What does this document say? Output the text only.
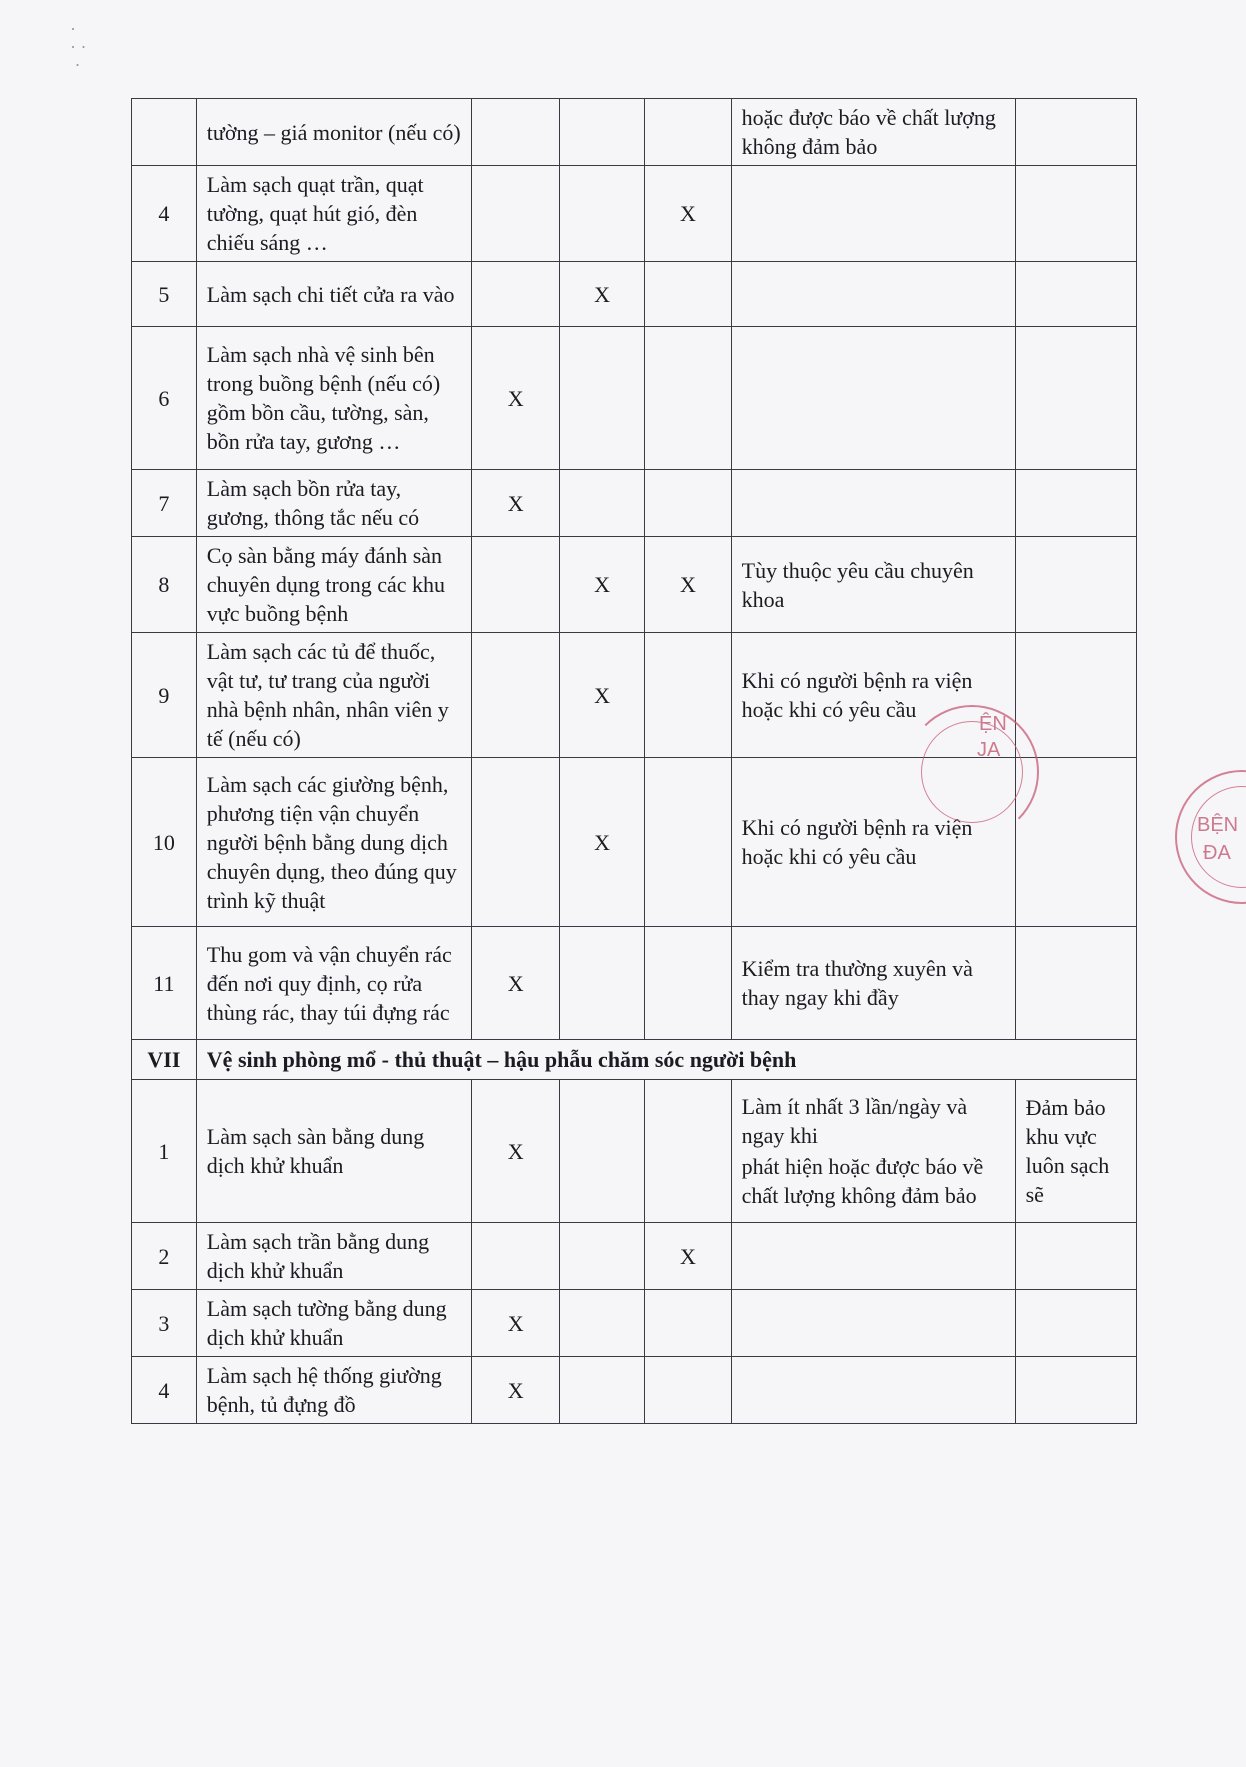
·
· ·
·
	tường – giá monitor (nếu có)				hoặc được báo về chất lượng không đảm bảo	

4	Làm sạch quạt trần, quạt tường, quạt hút gió, đèn chiếu sáng …			X		
5	Làm sạch chi tiết cửa ra vào		X			
6	Làm sạch nhà vệ sinh bên trong buồng bệnh (nếu có) gồm bồn cầu, tường, sàn, bồn rửa tay, gương …	X				
7	Làm sạch bồn rửa tay, gương, thông tắc nếu có	X				
8	Cọ sàn bằng máy đánh sàn chuyên dụng trong các khu vực buồng bệnh		X	X	Tùy thuộc yêu cầu chuyên khoa	

9	Làm sạch các tủ để thuốc, vật tư, tư trang của người nhà bệnh nhân, nhân viên y tế (nếu có)		X		Khi có người bệnh ra viện hoặc khi có yêu cầu	

10	Làm sạch các giường bệnh, phương tiện vận chuyển người bệnh bằng dung dịch chuyên dụng, theo đúng quy trình kỹ thuật		X		Khi có người bệnh ra viện hoặc khi có yêu cầu	

11	Thu gom và vận chuyển rác đến nơi quy định, cọ rửa thùng rác, thay túi đựng rác	X			Kiểm tra thường xuyên và thay ngay khi đầy	

VII	Vệ sinh phòng mổ - thủ thuật – hậu phẫu chăm sóc người bệnh					
1	Làm sạch sàn bằng dung dịch khử khuẩn	X			Làm ít nhất 3 lần/ngày và ngay khi
phát hiện hoặc được báo về chất lượng không đảm bảo	Đảm bảo khu vực luôn sạch sẽ
2	Làm sạch trần bằng dung dịch khử khuẩn			X		
3	Làm sạch tường bằng dung dịch khử khuẩn	X				
4	Làm sạch hệ thống giường bệnh, tủ đựng đồ	X				
ỆN
JA
BỆN
ĐA
